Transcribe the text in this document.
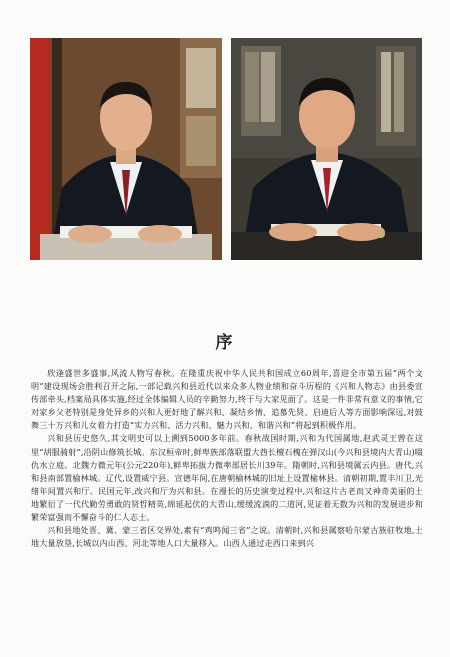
序

欣逢盛世多盛事,风流人物写春秋。在隆重庆祝中华人民共和国成立60周年,喜迎全市第五届“两个文明”建设现场会胜利召开之际,一部记载兴和县近代以来众多人物业绩和奋斗历程的《兴和人物志》由县委宣传部牵头,档案局具体实施,经过全体编辑人员的辛勤努力,终于与大家见面了。这是一件非常有意义的事情,它对家乡父老特别是身处异乡的兴和人更好地了解兴和、凝结乡情、追慕先贤、启迪后人等方面影响深远,对鼓舞三十万兴和儿女着力打造“实力兴和、活力兴和、魅力兴和、和谐兴和”将起到积极作用。

兴和县历史悠久,其文明史可以上溯到5000多年前。春秋战国时期,兴和为代国属地,赵武灵王曾在这里“胡服骑射”,沿阴山修筑长城。东汉桓帝时,鲜卑族部落联盟大酋长檀石槐在弹汉山(今兴和县境内大青山)啜仇水立庭。北魏力微元年(公元220年),鲜卑拓拔力微率部居长川39年。隋朝时,兴和县境属云内县。唐代,兴和县南部置榆林城。辽代,设置威宁县。宣德年间,在唐朝榆林城的旧址上设置榆林县。清朝初期,置丰川卫,光绪年间置兴和厅。民国元年,改兴和厅为兴和县。在漫长的历史演变过程中,兴和这片古老而又神奇美丽的土地繁衍了一代代勤劳勇敢的贤哲精英,绵延起伏的大青山,缓缓流淌的二道河,见证着无数为兴和的发展进步和繁荣富强而不懈奋斗的仁人志士。

兴和县地处晋、冀、蒙三省区交界处,素有“鸡鸣闻三省”之说。清朝时,兴和县属察哈尔蒙古族驻牧地,土地大量放垦,长城以内山西、河北等地人口大量移入。山西人通过走西口来到兴
